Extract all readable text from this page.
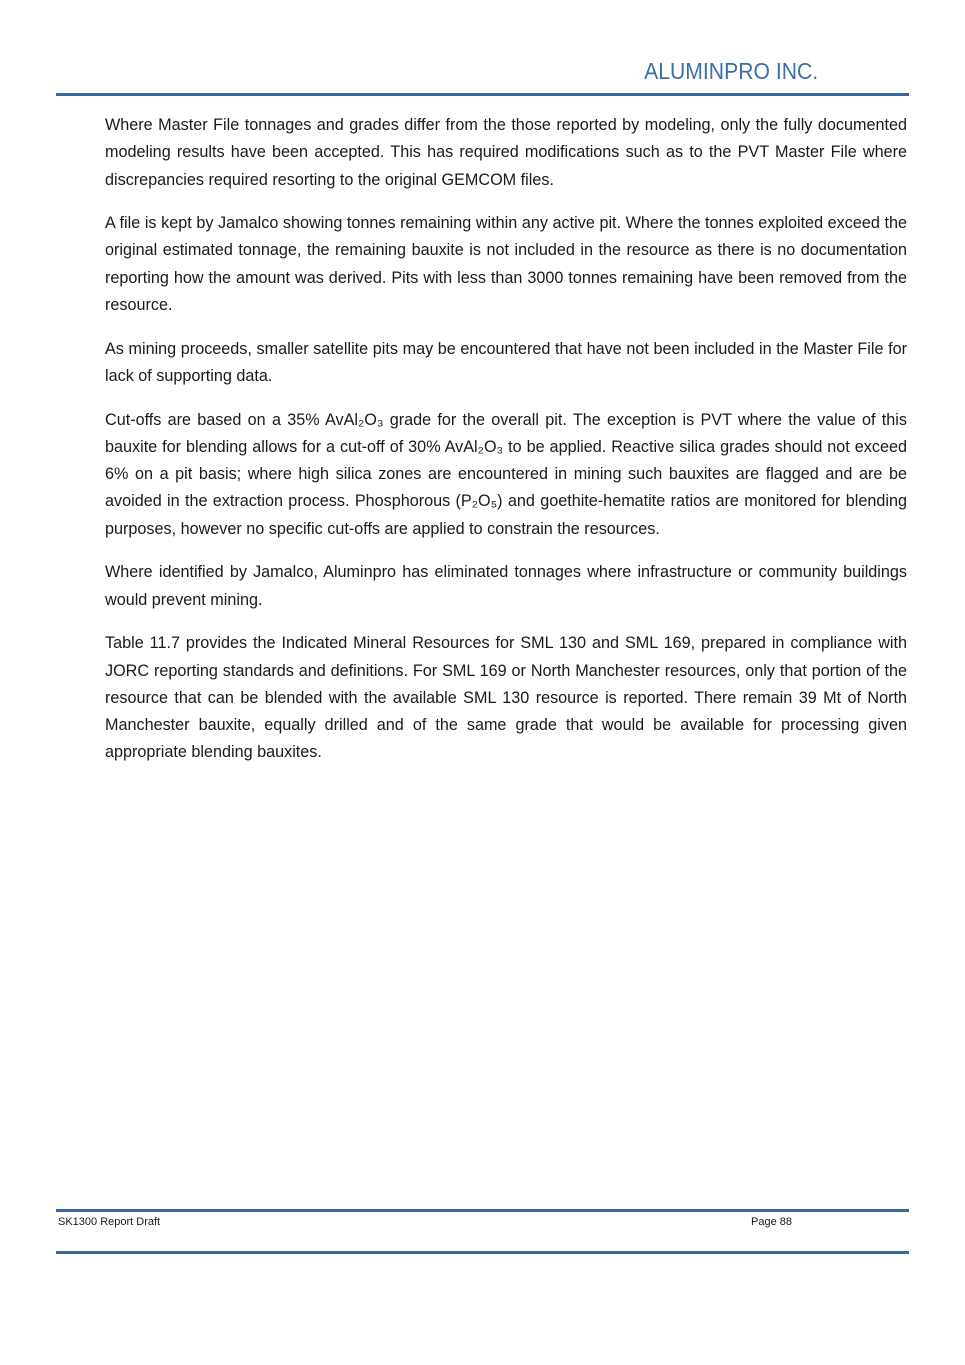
ALUMINPRO INC.

Where Master File tonnages and grades differ from the those reported by modeling, only the fully documented modeling results have been accepted. This has required modifications such as to the PVT Master File where discrepancies required resorting to the original GEMCOM files.

A file is kept by Jamalco showing tonnes remaining within any active pit. Where the tonnes exploited exceed the original estimated tonnage, the remaining bauxite is not included in the resource as there is no documentation reporting how the amount was derived. Pits with less than 3000 tonnes remaining have been removed from the resource.

As mining proceeds, smaller satellite pits may be encountered that have not been included in the Master File for lack of supporting data.

Cut-offs are based on a 35% AvAl₂O₃ grade for the overall pit. The exception is PVT where the value of this bauxite for blending allows for a cut-off of 30% AvAl₂O₃ to be applied. Reactive silica grades should not exceed 6% on a pit basis; where high silica zones are encountered in mining such bauxites are flagged and are be avoided in the extraction process. Phosphorous (P₂O₅) and goethite-hematite ratios are monitored for blending purposes, however no specific cut-offs are applied to constrain the resources.

Where identified by Jamalco, Aluminpro has eliminated tonnages where infrastructure or community buildings would prevent mining.

Table 11.7 provides the Indicated Mineral Resources for SML 130 and SML 169, prepared in compliance with JORC reporting standards and definitions. For SML 169 or North Manchester resources, only that portion of the resource that can be blended with the available SML 130 resource is reported. There remain 39 Mt of North Manchester bauxite, equally drilled and of the same grade that would be available for processing given appropriate blending bauxites.

SK1300 Report Draft	Page 88
